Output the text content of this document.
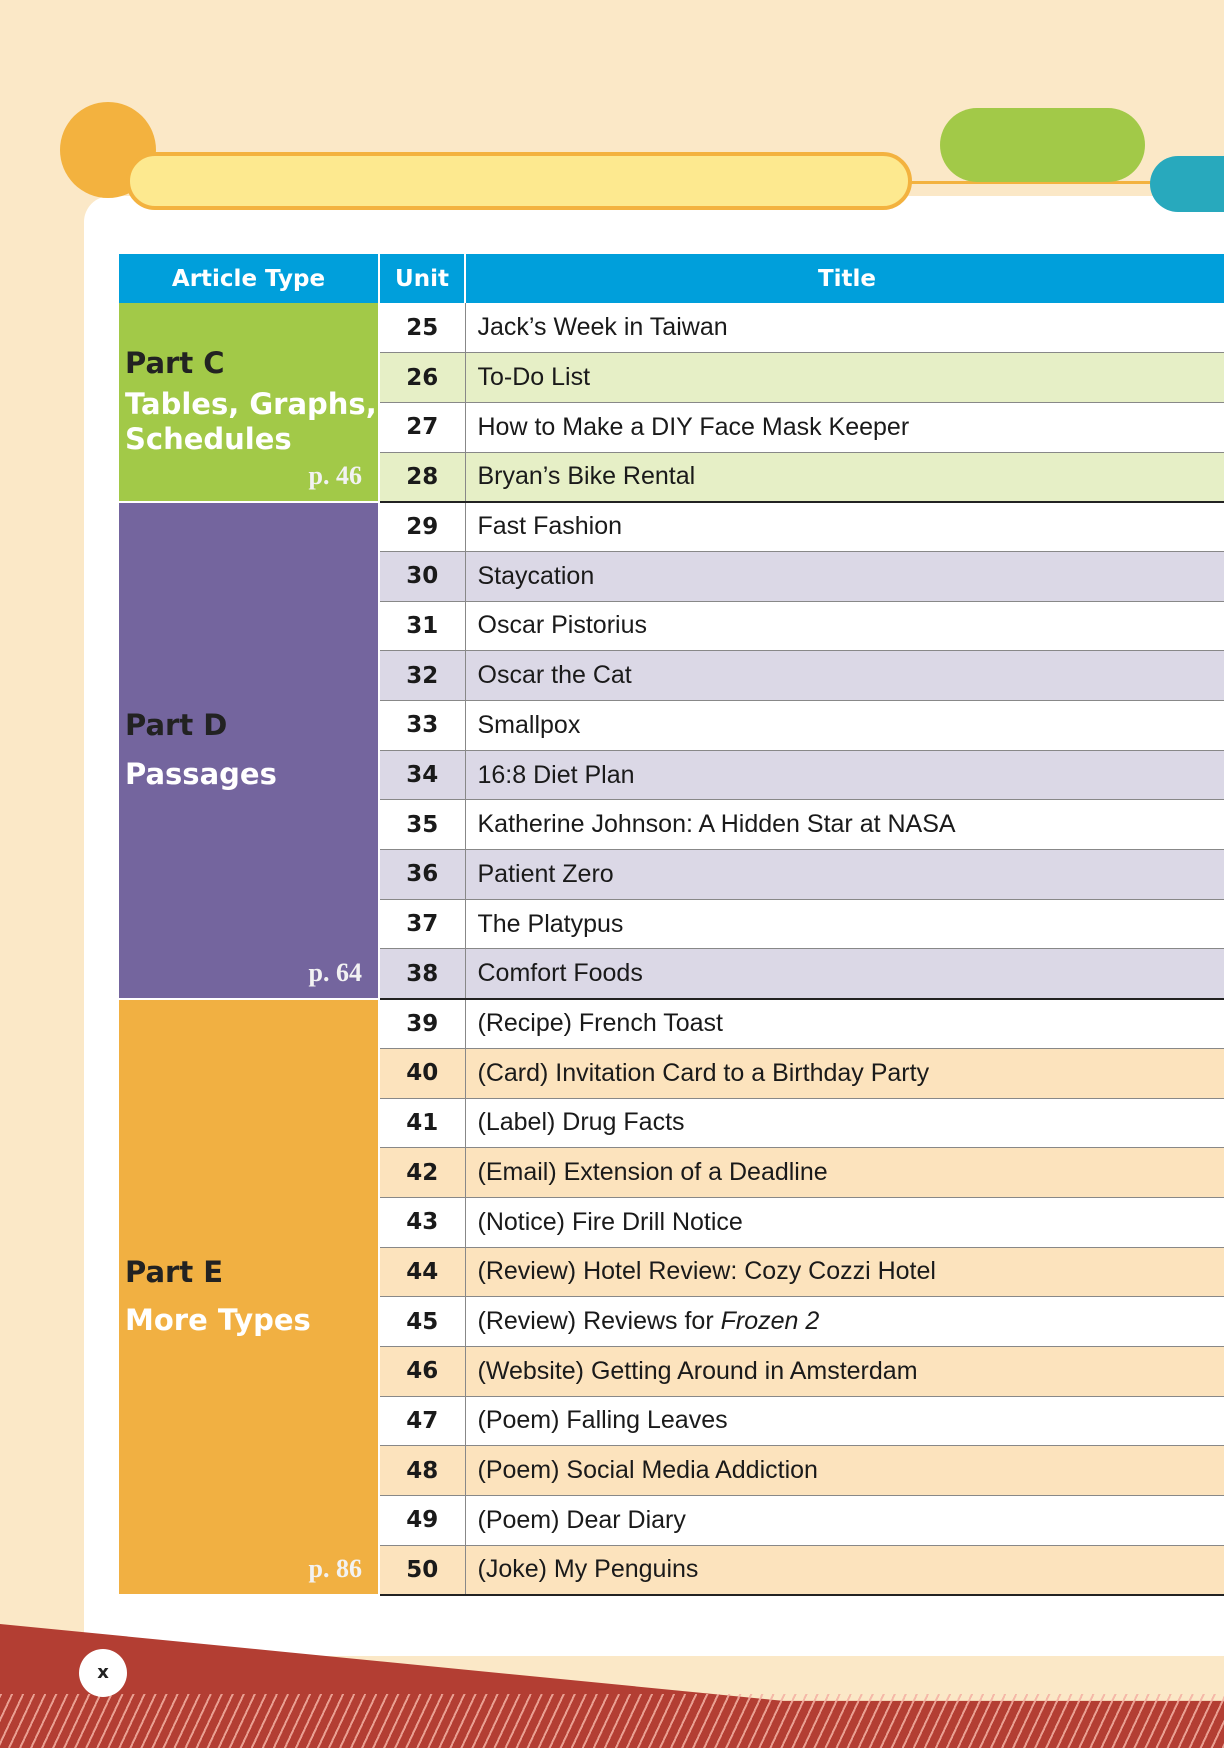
Article Type	Unit	Title

Part C
Tables, Graphs, Schedules
p. 46	25	Jack’s Week in Taiwan
	26	To-Do List
	27	How to Make a DIY Face Mask Keeper
	28	Bryan’s Bike Rental

Part D
Passages
p. 64	29	Fast Fashion
	30	Staycation
	31	Oscar Pistorius
	32	Oscar the Cat
	33	Smallpox
	34	16:8 Diet Plan
	35	Katherine Johnson: A Hidden Star at NASA
	36	Patient Zero
	37	The Platypus
	38	Comfort Foods

Part E
More Types
p. 86	39	(Recipe) French Toast
	40	(Card) Invitation Card to a Birthday Party
	41	(Label) Drug Facts
	42	(Email) Extension of a Deadline
	43	(Notice) Fire Drill Notice
	44	(Review) Hotel Review: Cozy Cozzi Hotel
	45	(Review) Reviews for Frozen 2
	46	(Website) Getting Around in Amsterdam
	47	(Poem) Falling Leaves
	48	(Poem) Social Media Addiction
	49	(Poem) Dear Diary
	50	(Joke) My Penguins
x
